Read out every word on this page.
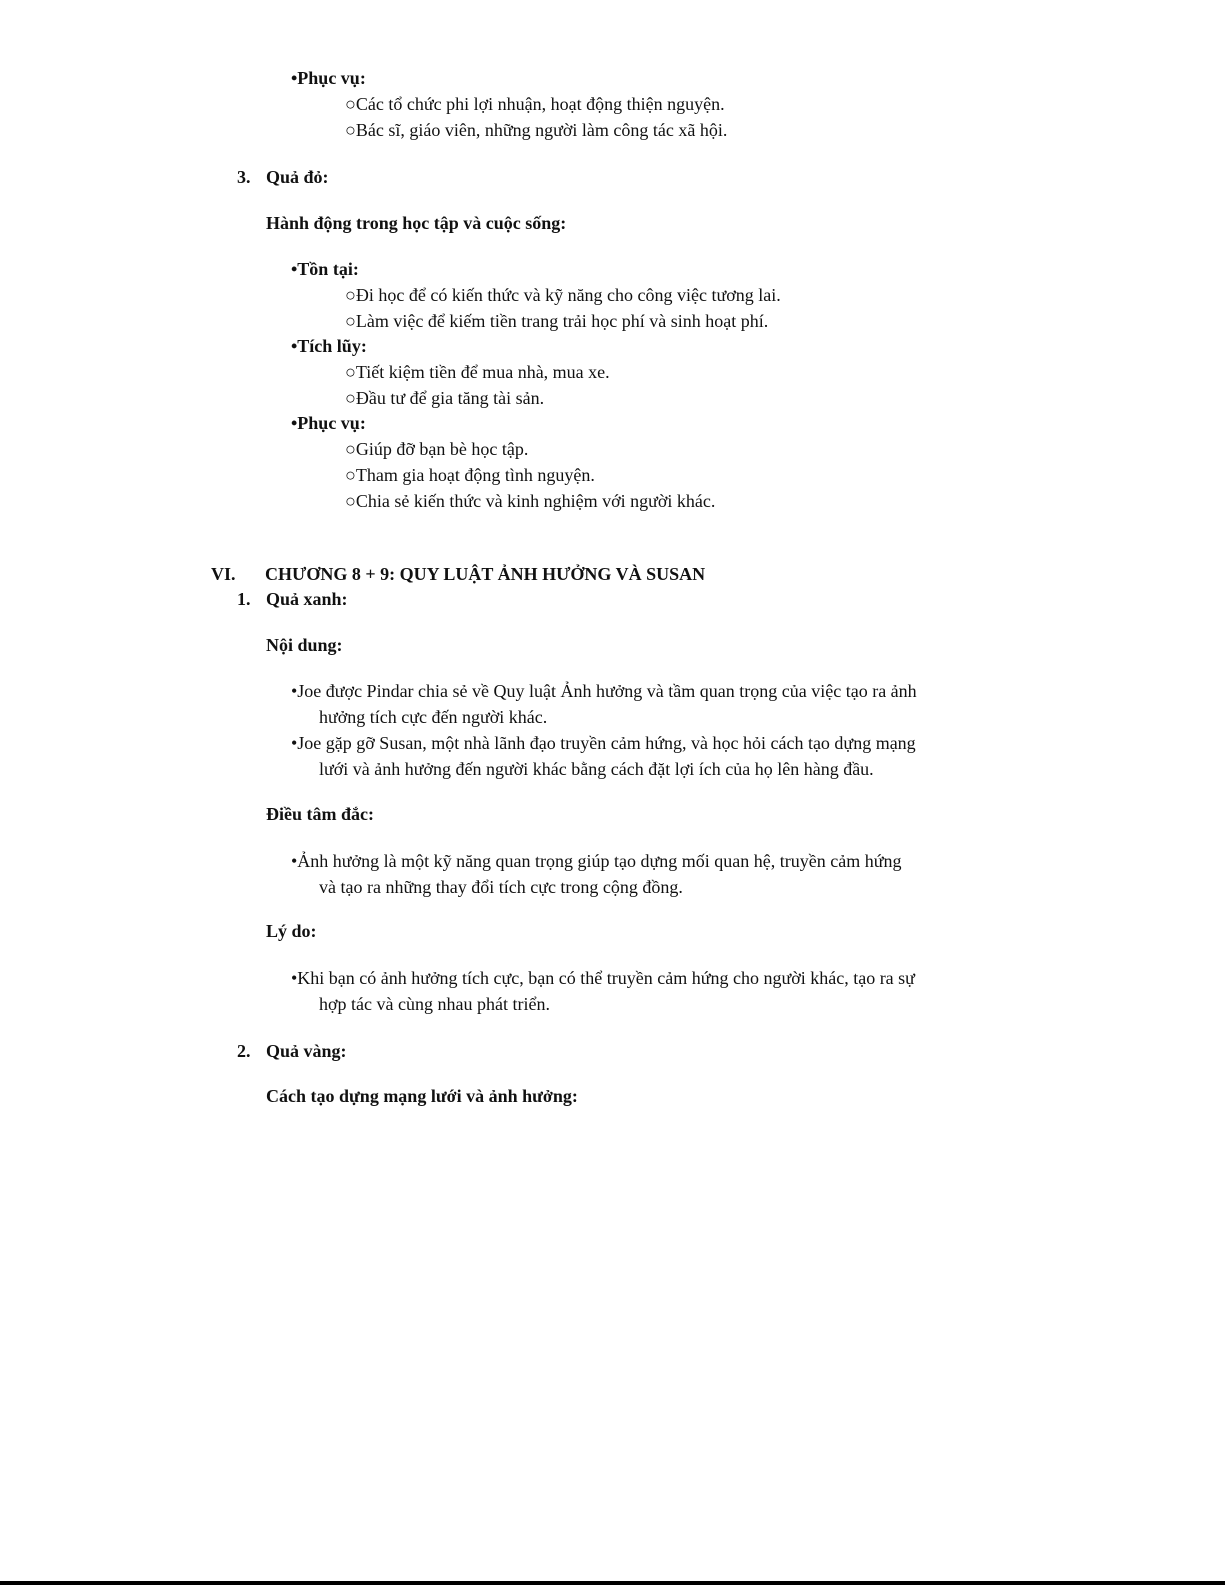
•Phục vụ:
○Các tổ chức phi lợi nhuận, hoạt động thiện nguyện.
○Bác sĩ, giáo viên, những người làm công tác xã hội.
3. Quả đỏ:
Hành động trong học tập và cuộc sống:
•Tồn tại:
○Đi học để có kiến thức và kỹ năng cho công việc tương lai.
○Làm việc để kiếm tiền trang trải học phí và sinh hoạt phí.
•Tích lũy:
○Tiết kiệm tiền để mua nhà, mua xe.
○Đầu tư để gia tăng tài sản.
•Phục vụ:
○Giúp đỡ bạn bè học tập.
○Tham gia hoạt động tình nguyện.
○Chia sẻ kiến thức và kinh nghiệm với người khác.
VI. CHƯƠNG 8 + 9: QUY LUẬT ẢNH HƯỞNG VÀ SUSAN
1. Quả xanh:
Nội dung:
•Joe được Pindar chia sẻ về Quy luật Ảnh hưởng và tầm quan trọng của việc tạo ra ảnh
hưởng tích cực đến người khác.
•Joe gặp gỡ Susan, một nhà lãnh đạo truyền cảm hứng, và học hỏi cách tạo dựng mạng
lưới và ảnh hưởng đến người khác bằng cách đặt lợi ích của họ lên hàng đầu.
Điều tâm đắc:
•Ảnh hưởng là một kỹ năng quan trọng giúp tạo dựng mối quan hệ, truyền cảm hứng
và tạo ra những thay đổi tích cực trong cộng đồng.
Lý do:
•Khi bạn có ảnh hưởng tích cực, bạn có thể truyền cảm hứng cho người khác, tạo ra sự
hợp tác và cùng nhau phát triển.
2. Quả vàng:
Cách tạo dựng mạng lưới và ảnh hưởng:
